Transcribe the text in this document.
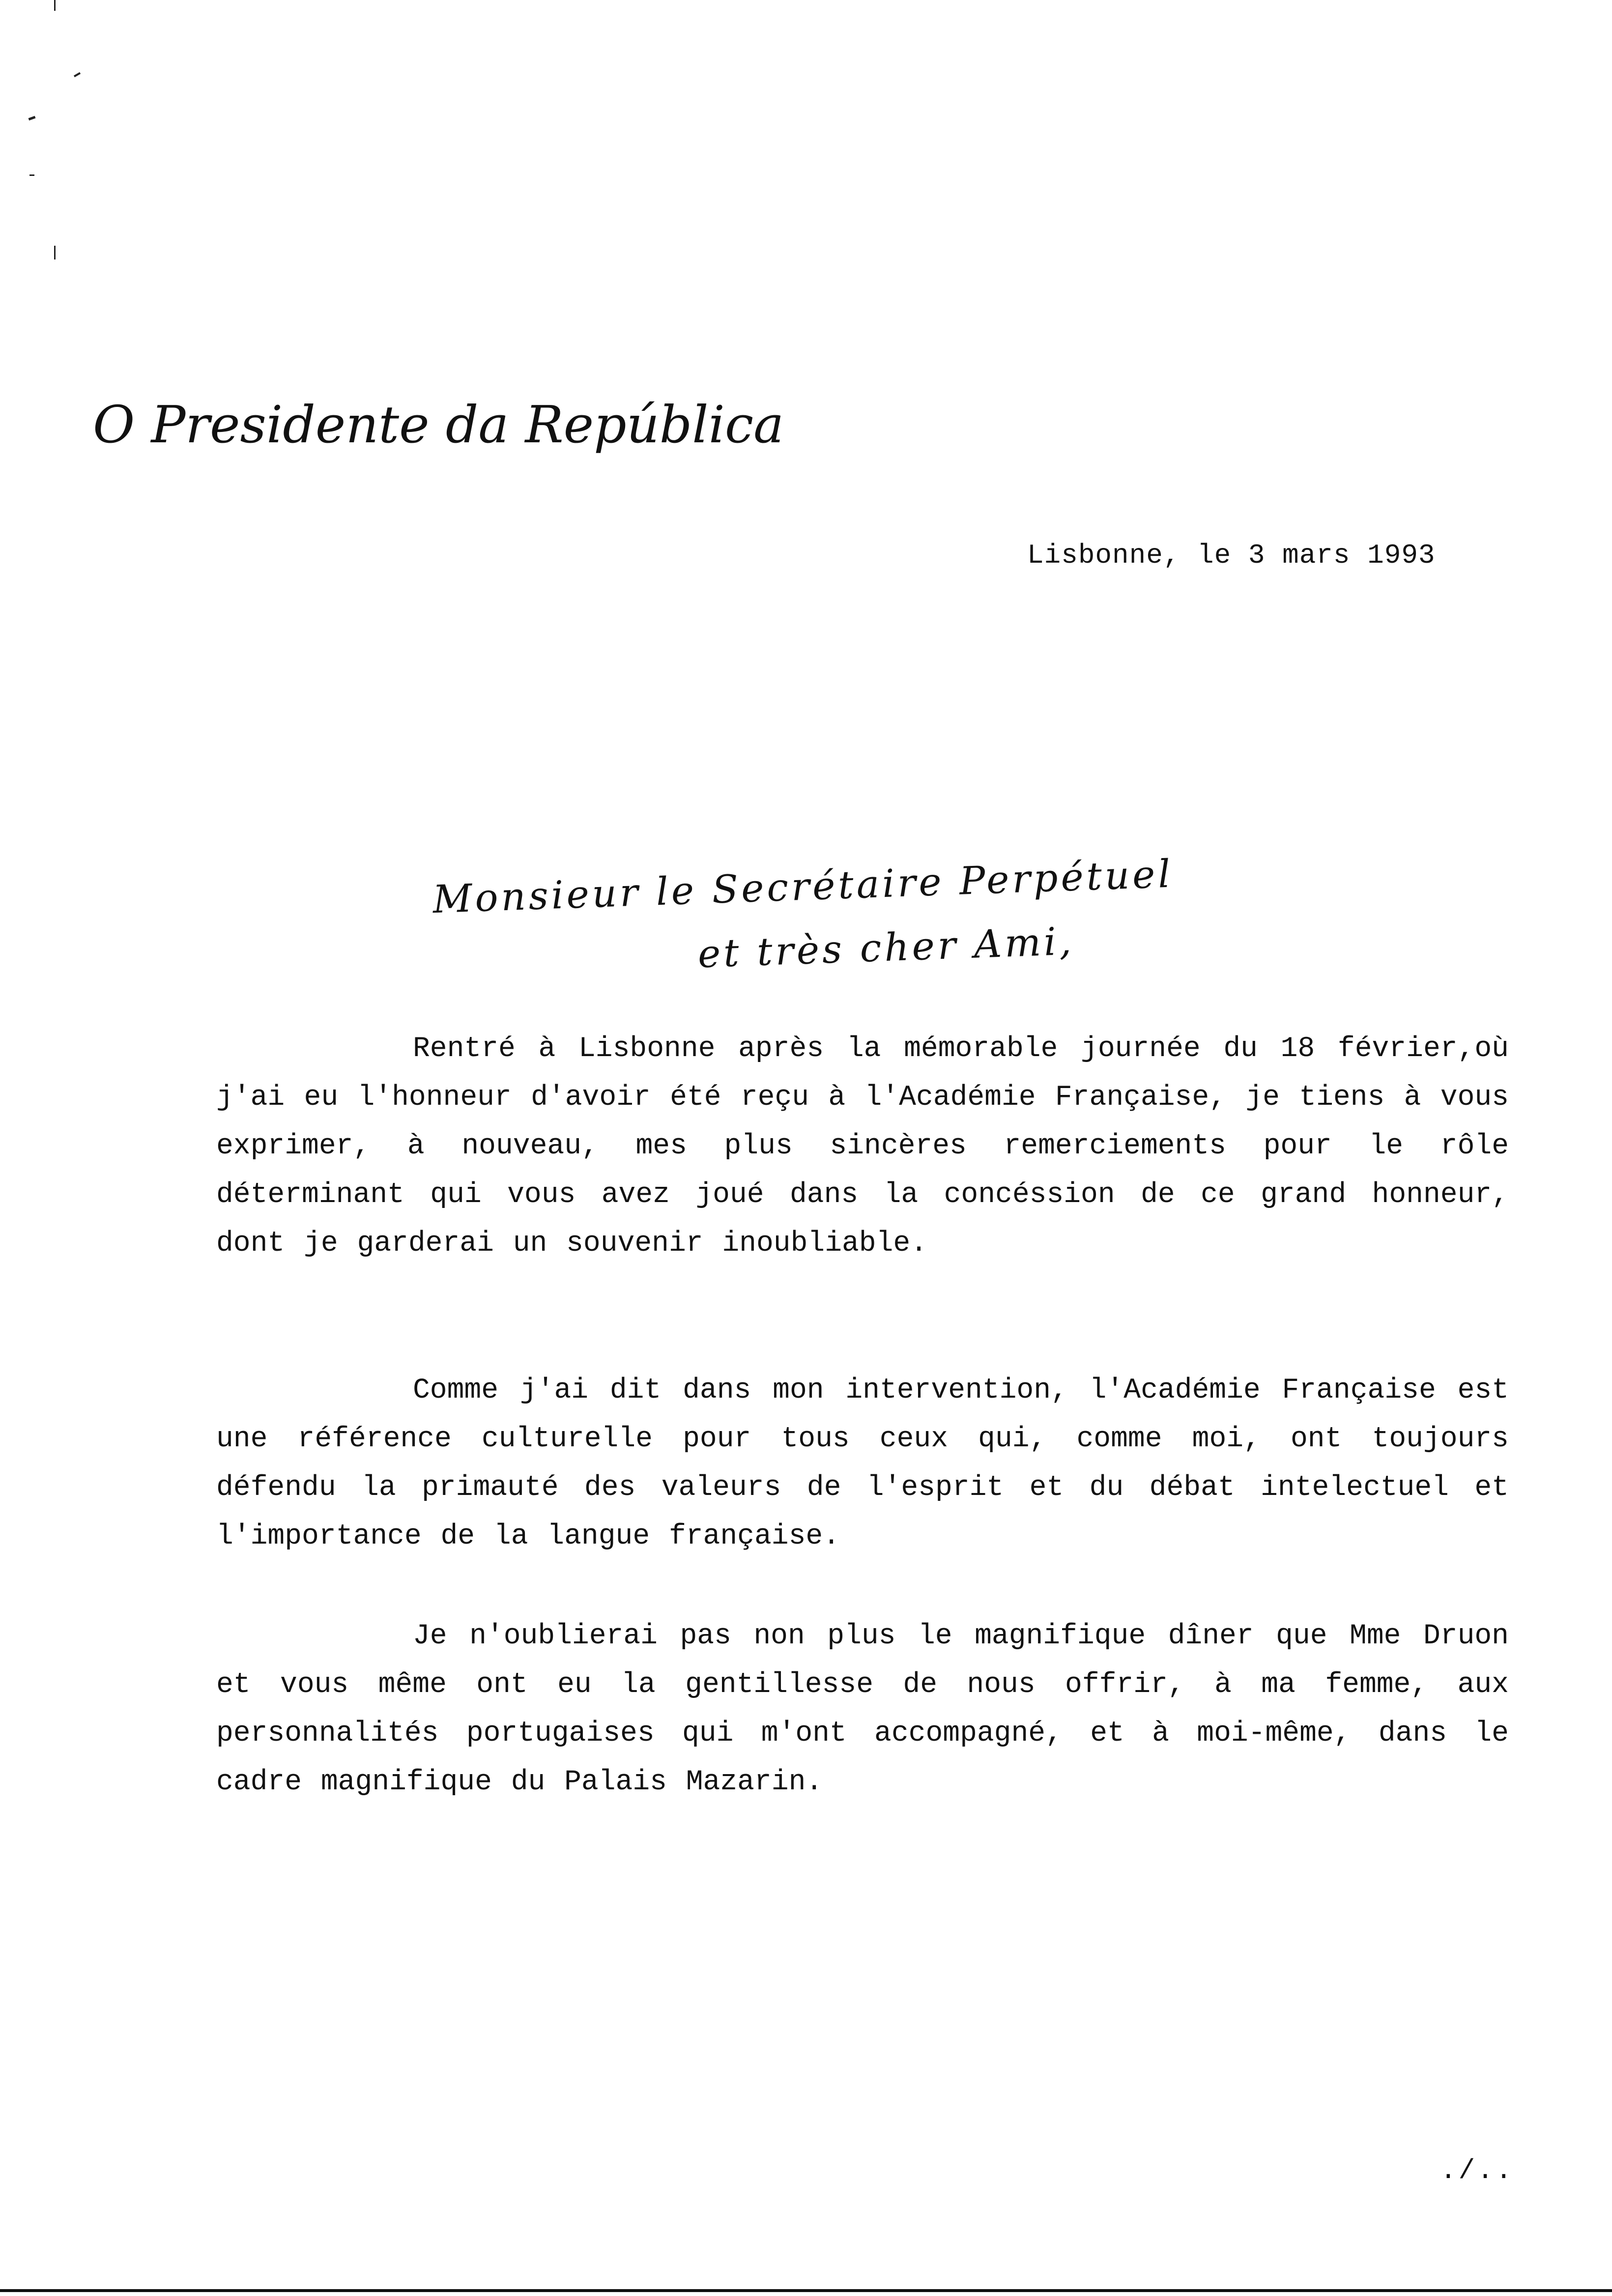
O Presidente da República
Lisbonne, le 3 mars 1993
Monsieur le Secrétaire Perpétuel
et très cher Ami,
Rentré à Lisbonne après la mémorable journée du 18 février,où j'ai eu l'honneur d'avoir été reçu à l'Académie Française, je tiens à vous exprimer, à nouveau, mes plus sincères remerciements pour le rôle déterminant qui vous avez joué dans la concéssion de ce grand honneur, dont je garderai un souvenir inoubliable.
Comme j'ai dit dans mon intervention, l'Académie Française est une référence culturelle pour tous ceux qui, comme moi, ont toujours défendu la primauté des valeurs de l'esprit et du débat intelectuel et l'importance de la langue française.
Je n'oublierai pas non plus le magnifique dîner que Mme Druon et vous même ont eu la gentillesse de nous offrir, à ma femme, aux personnalités portugaises qui m'ont accompagné, et à moi-même, dans le cadre magnifique du Palais Mazarin.
./..
